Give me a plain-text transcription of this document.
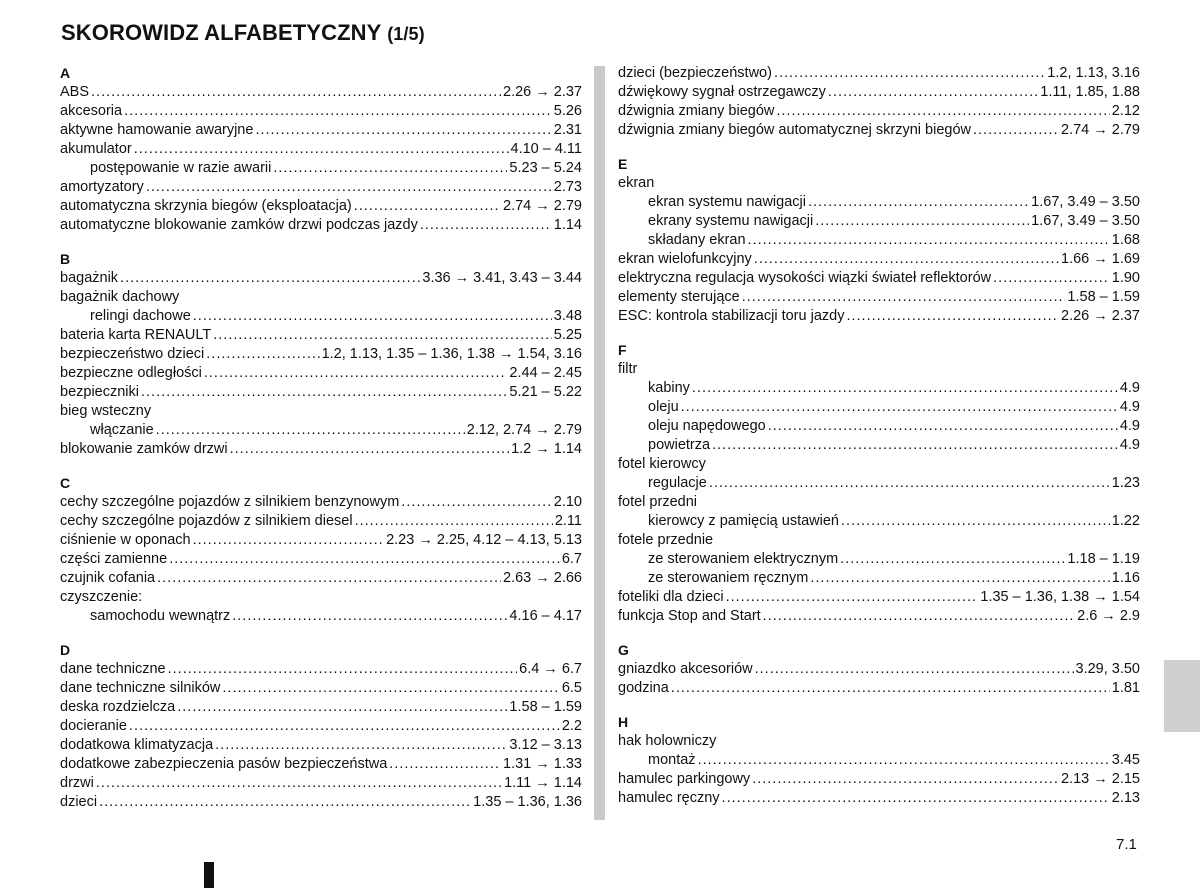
SKOROWIDZ ALFABETYCZNY (1/5)
A
ABS .....	2.26 → 2.37
akcesoria .....	5.26
aktywne hamowanie awaryjne .....	2.31
akumulator .....	4.10 – 4.11
postępowanie w razie awarii .....	5.23 – 5.24
amortyzatory .....	2.73
automatyczna skrzynia biegów (eksploatacja) .....	2.74 → 2.79
automatyczne blokowanie zamków drzwi podczas jazdy .....	1.14
B
bagażnik .....	3.36 → 3.41, 3.43 – 3.44
bagażnik dachowy
relingi dachowe .....	3.48
bateria karta RENAULT .....	5.25
bezpieczeństwo dzieci .....	1.2, 1.13, 1.35 – 1.36, 1.38 → 1.54, 3.16
bezpieczne odległości .....	2.44 – 2.45
bezpieczniki .....	5.21 – 5.22
bieg wsteczny
włączanie .....	2.12, 2.74 → 2.79
blokowanie zamków drzwi .....	1.2 → 1.14
C
cechy szczególne pojazdów z silnikiem benzynowym .....	2.10
cechy szczególne pojazdów z silnikiem diesel .....	2.11
ciśnienie w oponach .....	2.23 → 2.25, 4.12 – 4.13, 5.13
części zamienne .....	6.7
czujnik cofania .....	2.63 → 2.66
czyszczenie:
samochodu wewnątrz .....	4.16 – 4.17
D
dane techniczne .....	6.4 → 6.7
dane techniczne silników .....	6.5
deska rozdzielcza .....	1.58 – 1.59
docieranie .....	2.2
dodatkowa klimatyzacja .....	3.12 – 3.13
dodatkowe zabezpieczenia pasów bezpieczeństwa .....	1.31 → 1.33
drzwi .....	1.11 → 1.14
dzieci .....	1.35 – 1.36, 1.36
dzieci (bezpieczeństwo) .....	1.2, 1.13, 3.16
dźwiękowy sygnał ostrzegawczy .....	1.11, 1.85, 1.88
dźwignia zmiany biegów .....	2.12
dźwignia zmiany biegów automatycznej skrzyni biegów .....	2.74 → 2.79
E
ekran
ekran systemu nawigacji .....	1.67, 3.49 – 3.50
ekrany systemu nawigacji .....	1.67, 3.49 – 3.50
składany ekran .....	1.68
ekran wielofunkcyjny .....	1.66 → 1.69
elektryczna regulacja wysokości wiązki świateł reflektorów .....	1.90
elementy sterujące .....	1.58 – 1.59
ESC: kontrola stabilizacji toru jazdy .....	2.26 → 2.37
F
filtr
kabiny .....	4.9
oleju .....	4.9
oleju napędowego .....	4.9
powietrza .....	4.9
fotel kierowcy
regulacje .....	1.23
fotel przedni
kierowcy z pamięcią ustawień .....	1.22
fotele przednie
ze sterowaniem elektrycznym .....	1.18 – 1.19
ze sterowaniem ręcznym .....	1.16
foteliki dla dzieci .....	1.35 – 1.36, 1.38 → 1.54
funkcja Stop and Start .....	2.6 → 2.9
G
gniazdko akcesoriów .....	3.29, 3.50
godzina .....	1.81
H
hak holowniczy
montaż .....	3.45
hamulec parkingowy .....	2.13 → 2.15
hamulec ręczny .....	2.13
7.1
